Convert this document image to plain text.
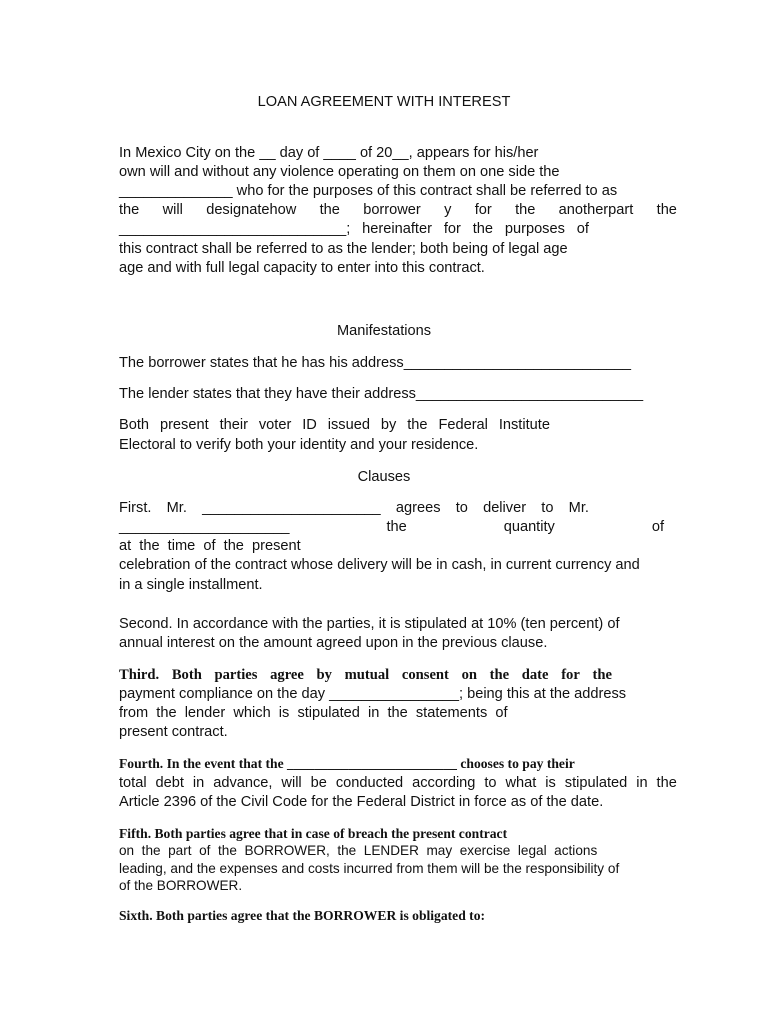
LOAN AGREEMENT WITH INTEREST

In Mexico City on the __ day of ____ of 20__, appears for his/her

own will and without any violence operating on them on one side the

______________ who for the purposes of this contract shall be referred to as

the will designatehow the borrower y for the anotherpart the

____________________________; hereinafter for the purposes of

this contract shall be referred to as the lender; both being of legal age

age and with full legal capacity to enter into this contract.

Manifestations

The borrower states that he has his address____________________________

The lender states that they have their address____________________________

Both present their voter ID issued by the Federal Institute

Electoral to verify both your identity and your residence.

Clauses

First. Mr. ______________________ agrees to deliver to Mr.

_____________________	the	quantity	of

at  the  time  of  the  present

celebration of the contract whose delivery will be in cash, in current currency and

in a single installment.

Second. In accordance with the parties, it is stipulated at 10% (ten percent) of

annual interest on the amount agreed upon in the previous clause.

Third. Both parties agree by mutual consent on the date for the

payment compliance on the day ________________; being this at the address

from  the  lender  which  is  stipulated  in  the  statements  of

present contract.

Fourth. In the event that the _________________________ chooses to pay their

total debt in advance, will be conducted according to what is stipulated in the

Article 2396 of the Civil Code for the Federal District in force as of the date.

Fifth. Both parties agree that in case of breach the present contract

on  the  part  of  the  BORROWER,  the  LENDER  may  exercise  legal  actions

leading, and the expenses and costs incurred from them will be the responsibility of

of the BORROWER.

Sixth. Both parties agree that the BORROWER is obligated to:
